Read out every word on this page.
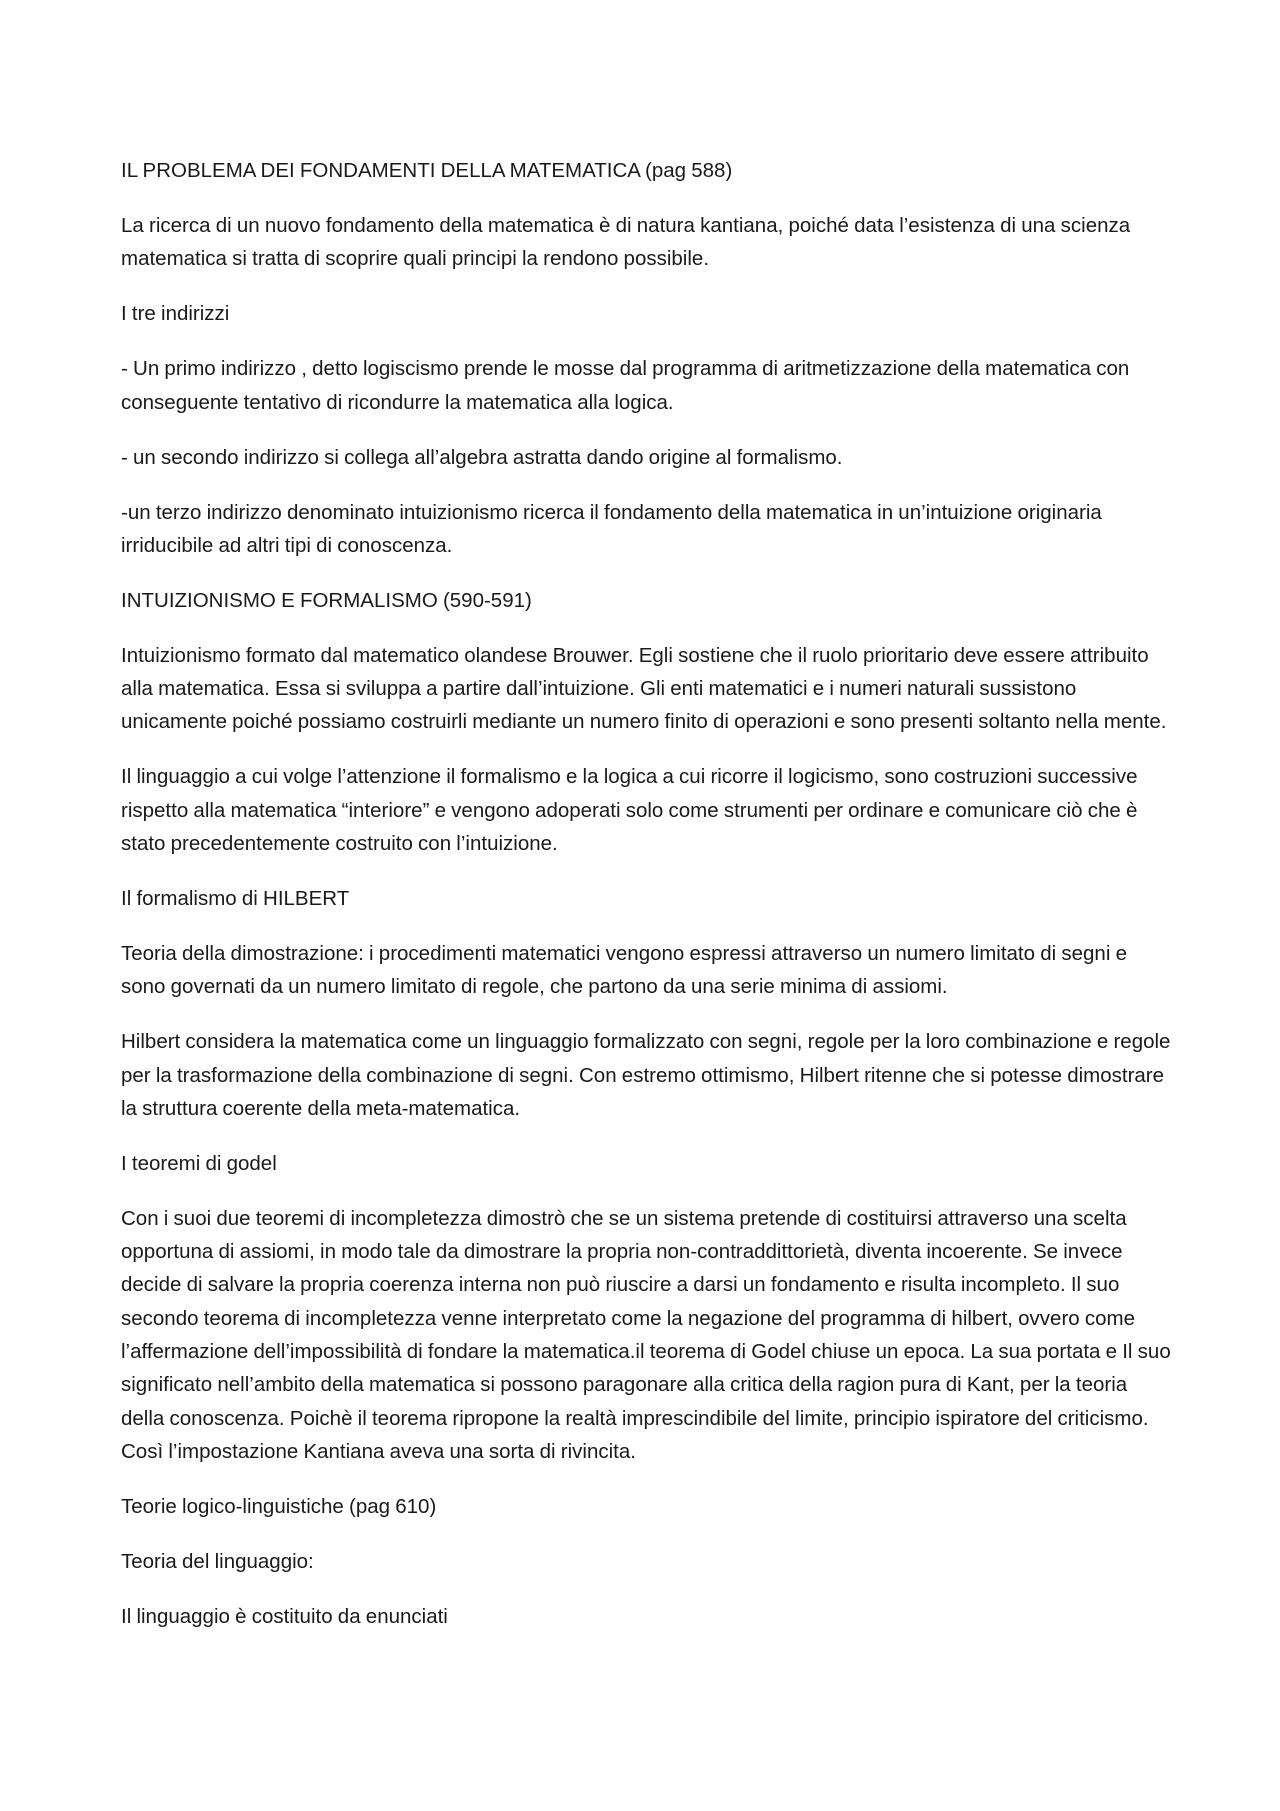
IL PROBLEMA DEI FONDAMENTI DELLA MATEMATICA (pag 588)

La ricerca di un nuovo fondamento della matematica è di natura kantiana, poiché data l’esistenza di una scienza matematica si tratta di scoprire quali principi la rendono possibile.

I tre indirizzi

- Un primo indirizzo , detto logiscismo prende le mosse dal programma di aritmetizzazione della matematica con conseguente tentativo di ricondurre la matematica alla logica.

- un secondo indirizzo si collega all’algebra astratta dando origine al formalismo.

-un terzo indirizzo denominato intuizionismo ricerca il fondamento della matematica in un’intuizione originaria irriducibile ad altri tipi di conoscenza.

INTUIZIONISMO E FORMALISMO (590-591)

Intuizionismo formato dal matematico olandese Brouwer. Egli sostiene che il ruolo prioritario deve essere attribuito alla matematica. Essa si sviluppa a partire dall’intuizione. Gli enti matematici e i numeri naturali sussistono unicamente poiché possiamo costruirli mediante un numero finito di operazioni e sono presenti soltanto nella mente.

Il linguaggio a cui volge l’attenzione il formalismo e la logica a cui ricorre il logicismo, sono costruzioni successive rispetto alla matematica “interiore” e vengono adoperati solo come strumenti per ordinare e comunicare ciò che è stato precedentemente costruito con l’intuizione.

Il formalismo di HILBERT

Teoria della dimostrazione: i procedimenti matematici vengono espressi attraverso un numero limitato di segni e sono governati da un numero limitato di regole, che partono da una serie minima di assiomi.

Hilbert considera la matematica come un linguaggio formalizzato con segni, regole per la loro combinazione e regole per la trasformazione della combinazione di segni. Con estremo ottimismo, Hilbert ritenne che si potesse dimostrare la struttura coerente della meta-matematica.

I teoremi di godel

Con i suoi due teoremi di incompletezza dimostrò che se un sistema pretende di costituirsi attraverso una scelta opportuna di assiomi, in modo tale da dimostrare la propria non-contraddittorietà, diventa incoerente. Se invece decide di salvare la propria coerenza interna non può riuscire a darsi un fondamento e risulta incompleto. Il suo secondo teorema di incompletezza venne interpretato come la negazione del programma di hilbert, ovvero come l’affermazione dell’impossibilità di fondare la matematica.il teorema di Godel chiuse un epoca. La sua portata e Il suo significato nell’ambito della matematica si possono paragonare alla critica della ragion pura di Kant, per la teoria della conoscenza. Poichè il teorema ripropone la realtà imprescindibile del limite, principio ispiratore del criticismo. Così l’impostazione Kantiana aveva una sorta di rivincita.

Teorie logico-linguistiche (pag 610)

Teoria del linguaggio:

Il linguaggio è costituito da enunciati
